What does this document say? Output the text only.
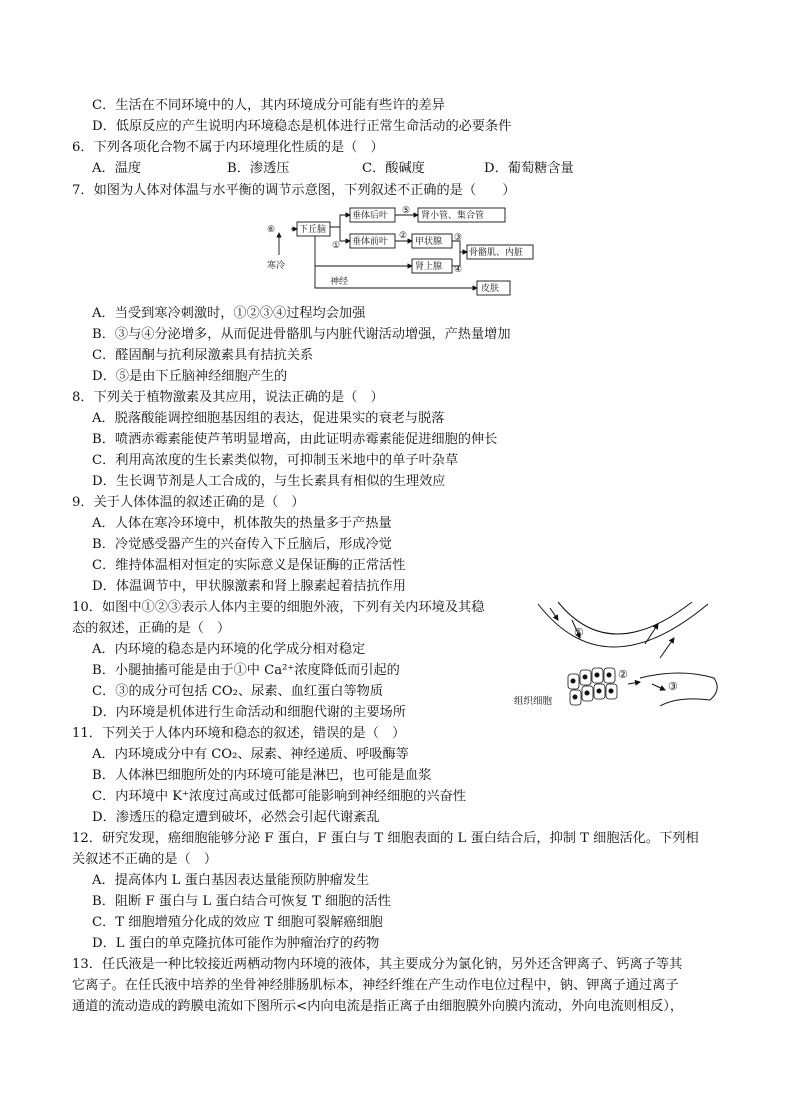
C．生活在不同环境中的人，其内环境成分可能有些许的差异
D．低原反应的产生说明内环境稳态是机体进行正常生命活动的必要条件
6．下列各项化合物不属于内环境理化性质的是（　）
A．温度	B．渗透压	C．酸碱度	D．葡萄糖含量
7．如图为人体对体温与水平衡的调节示意图，下列叙述不正确的是（　　）
下丘脑
垂体后叶
垂体前叶	甲状腺
肾上腺
肾小管、集合管
骨骼肌、内脏
皮肤
寒冷
神经
①
②	③
④
⑤
⑥
A．当受到寒冷刺激时，①②③④过程均会加强
B．③与④分泌增多，从而促进骨骼肌与内脏代谢活动增强，产热量增加
C．醛固酮与抗利尿激素具有拮抗关系
D．⑤是由下丘脑神经细胞产生的
8．下列关于植物激素及其应用，说法正确的是（　）
A．脱落酸能调控细胞基因组的表达，促进果实的衰老与脱落
B．喷洒赤霉素能使芦苇明显增高，由此证明赤霉素能促进细胞的伸长
C．利用高浓度的生长素类似物，可抑制玉米地中的单子叶杂草
D．生长调节剂是人工合成的，与生长素具有相似的生理效应
9．关于人体体温的叙述正确的是（　）
A．人体在寒冷环境中，机体散失的热量多于产热量
B．冷觉感受器产生的兴奋传入下丘脑后，形成冷觉
C．维持体温相对恒定的实际意义是保证酶的正常活性
D．体温调节中，甲状腺激素和肾上腺素起着拮抗作用
10．如图中①②③表示人体内主要的细胞外液，下列有关内环境及其稳
态的叙述，正确的是（　）
A．内环境的稳态是内环境的化学成分相对稳定
B．小腿抽搐可能是由于①中 Ca²⁺浓度降低而引起的
C．③的成分可包括 CO₂、尿素、血红蛋白等物质
D．内环境是机体进行生命活动和细胞代谢的主要场所
①
②
③
组织细胞
11．下列关于人体内环境和稳态的叙述，错误的是（　）
A．内环境成分中有 CO₂、尿素、神经递质、呼吸酶等
B．人体淋巴细胞所处的内环境可能是淋巴，也可能是血浆
C．内环境中 K⁺浓度过高或过低都可能影响到神经细胞的兴奋性
D．渗透压的稳定遭到破坏，必然会引起代谢紊乱
12．研究发现，癌细胞能够分泌 F 蛋白，F 蛋白与 T 细胞表面的 L 蛋白结合后，抑制 T 细胞活化。下列相
关叙述不正确的是（　）
A．提高体内 L 蛋白基因表达量能预防肿瘤发生
B．阻断 F 蛋白与 L 蛋白结合可恢复 T 细胞的活性
C．T 细胞增殖分化成的效应 T 细胞可裂解癌细胞
D．L 蛋白的单克隆抗体可能作为肿瘤治疗的药物
13．任氏液是一种比较接近两栖动物内环境的液体，其主要成分为氯化钠，另外还含钾离子、钙离子等其
它离子。在任氏液中培养的坐骨神经腓肠肌标本，神经纤维在产生动作电位过程中，钠、钾离子通过离子
通道的流动造成的跨膜电流如下图所示<内向电流是指正离子由细胞膜外向膜内流动，外向电流则相反），
